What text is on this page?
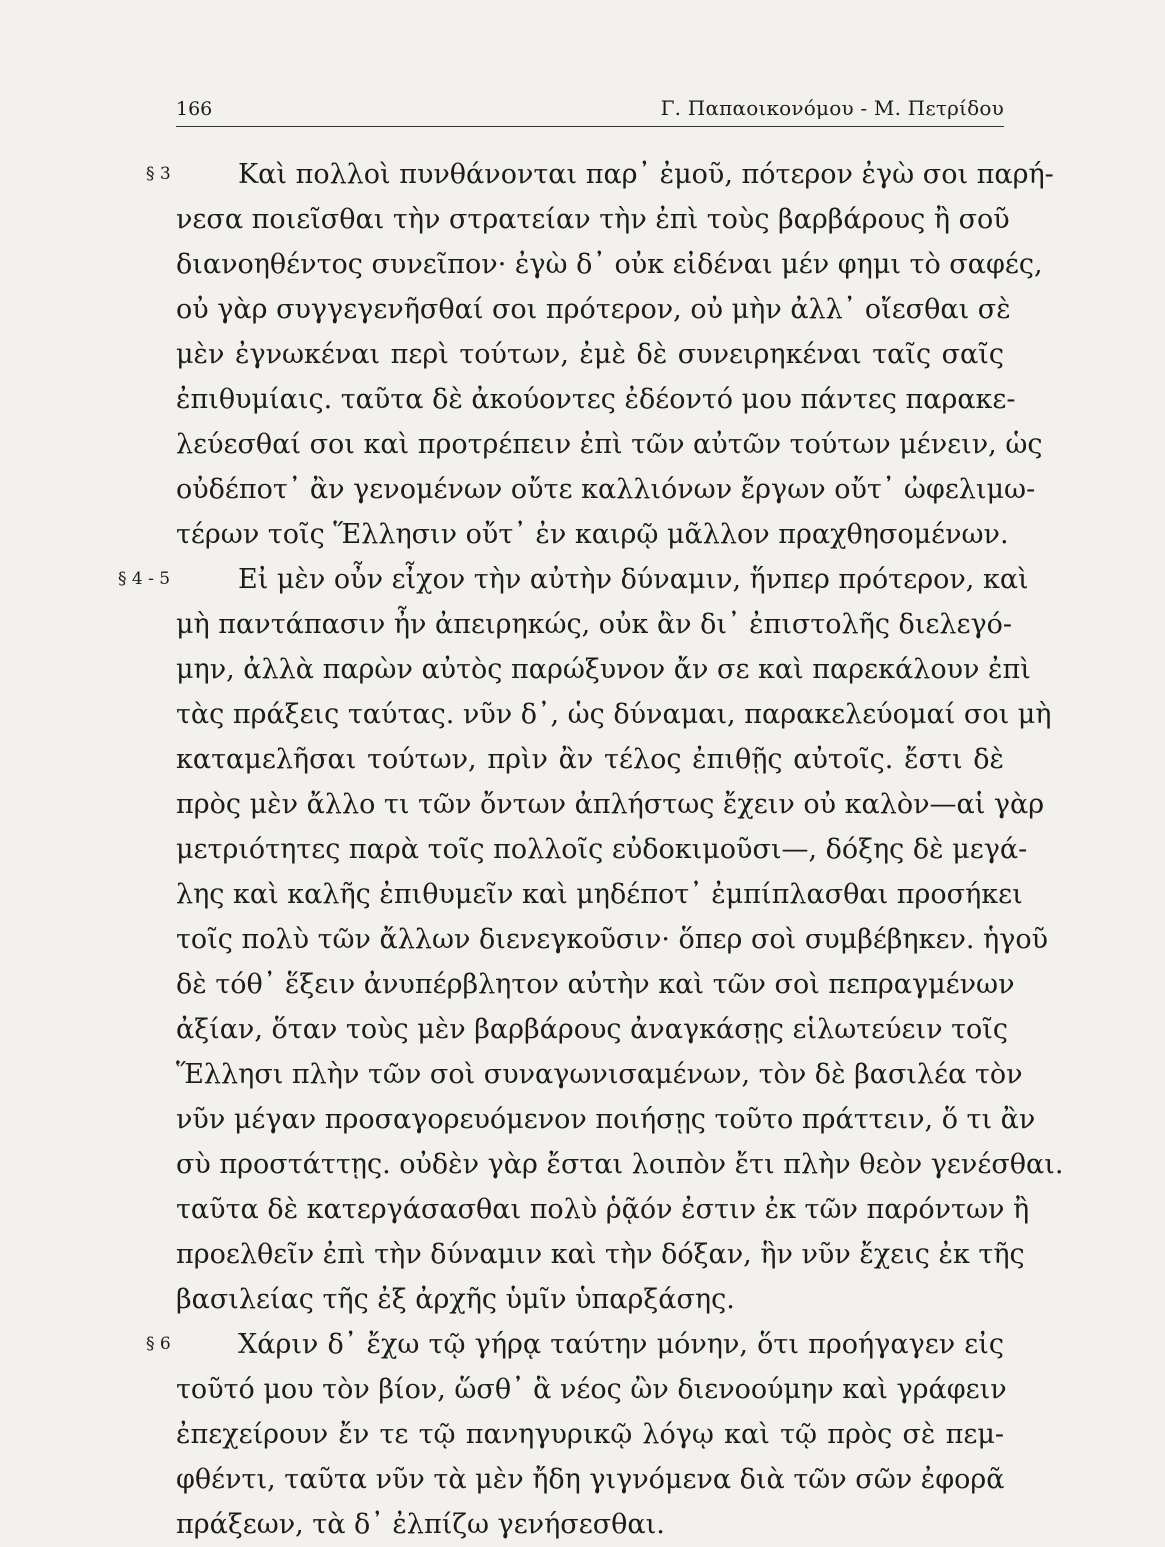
166	Γ. Παπαοικονόμου - Μ. Πετρίδου
§ 3 Καὶ πολλοὶ πυνθάνονται παρ᾽ ἐμοῦ, πότερον ἐγὼ σοι παρή-
νεσα ποιεῖσθαι τὴν στρατείαν τὴν ἐπὶ τοὺς βαρβάρους ἢ σοῦ
διανοηθέντος συνεῖπον· ἐγὼ δ᾽ οὐκ εἰδέναι μέν φημι τὸ σαφές,
οὐ γὰρ συγγεγενῆσθαί σοι πρότερον, οὐ μὴν ἀλλ᾽ οἴεσθαι σὲ
μὲν ἐγνωκέναι περὶ τούτων, ἐμὲ δὲ συνειρηκέναι ταῖς σαῖς
ἐπιθυμίαις. ταῦτα δὲ ἀκούοντες ἐδέοντό μου πάντες παρακε-
λεύεσθαί σοι καὶ προτρέπειν ἐπὶ τῶν αὐτῶν τούτων μένειν, ὡς
οὐδέποτ᾽ ἂν γενομένων οὔτε καλλιόνων ἔργων οὔτ᾽ ὠφελιμω-
τέρων τοῖς Ἕλλησιν οὔτ᾽ ἐν καιρῷ μᾶλλον πραχθησομένων.
§ 4 - 5	Εἰ μὲν οὖν εἶχον τὴν αὐτὴν δύναμιν, ἥνπερ πρότερον, καὶ
μὴ παντάπασιν ἦν ἀπειρηκώς, οὐκ ἂν δι᾽ ἐπιστολῆς διελεγό-
μην, ἀλλὰ παρὼν αὐτὸς παρώξυνον ἄν σε καὶ παρεκάλουν ἐπὶ
τὰς πράξεις ταύτας. νῦν δ᾽, ὡς δύναμαι, παρακελεύομαί σοι μὴ
καταμελῆσαι τούτων, πρὶν ἂν τέλος ἐπιθῇς αὐτοῖς. ἔστι δὲ
πρὸς μὲν ἄλλο τι τῶν ὄντων ἀπλήστως ἔχειν οὐ καλὸν—αἱ γὰρ
μετριότητες παρὰ τοῖς πολλοῖς εὐδοκιμοῦσι—, δόξης δὲ μεγά-
λης καὶ καλῆς ἐπιθυμεῖν καὶ μηδέποτ᾽ ἐμπίπλασθαι προσήκει
τοῖς πολὺ τῶν ἄλλων διενεγκοῦσιν· ὅπερ σοὶ συμβέβηκεν. ἡγοῦ
δὲ τόθ᾽ ἕξειν ἀνυπέρβλητον αὐτὴν καὶ τῶν σοὶ πεπραγμένων
ἀξίαν, ὅταν τοὺς μὲν βαρβάρους ἀναγκάσῃς εἱλωτεύειν τοῖς
Ἕλλησι πλὴν τῶν σοὶ συναγωνισαμένων, τὸν δὲ βασιλέα τὸν
νῦν μέγαν προσαγορευόμενον ποιήσῃς τοῦτο πράττειν, ὅ τι ἂν
σὺ προστάττῃς. οὐδὲν γὰρ ἔσται λοιπὸν ἔτι πλὴν θεὸν γενέσθαι.
ταῦτα δὲ κατεργάσασθαι πολὺ ῥᾷόν ἐστιν ἐκ τῶν παρόντων ἢ
προελθεῖν ἐπὶ τὴν δύναμιν καὶ τὴν δόξαν, ἣν νῦν ἔχεις ἐκ τῆς
βασιλείας τῆς ἐξ ἀρχῆς ὑμῖν ὑπαρξάσης.
§ 6 Χάριν δ᾽ ἔχω τῷ γήρᾳ ταύτην μόνην, ὅτι προήγαγεν εἰς
τοῦτό μου τὸν βίον, ὥσθ᾽ ἃ νέος ὢν διενοούμην καὶ γράφειν
ἐπεχείρουν ἔν τε τῷ πανηγυρικῷ λόγῳ καὶ τῷ πρὸς σὲ πεμ-
φθέντι, ταῦτα νῦν τὰ μὲν ἤδη γιγνόμενα διὰ τῶν σῶν ἐφορᾶ
πράξεων, τὰ δ᾽ ἐλπίζω γενήσεσθαι.
